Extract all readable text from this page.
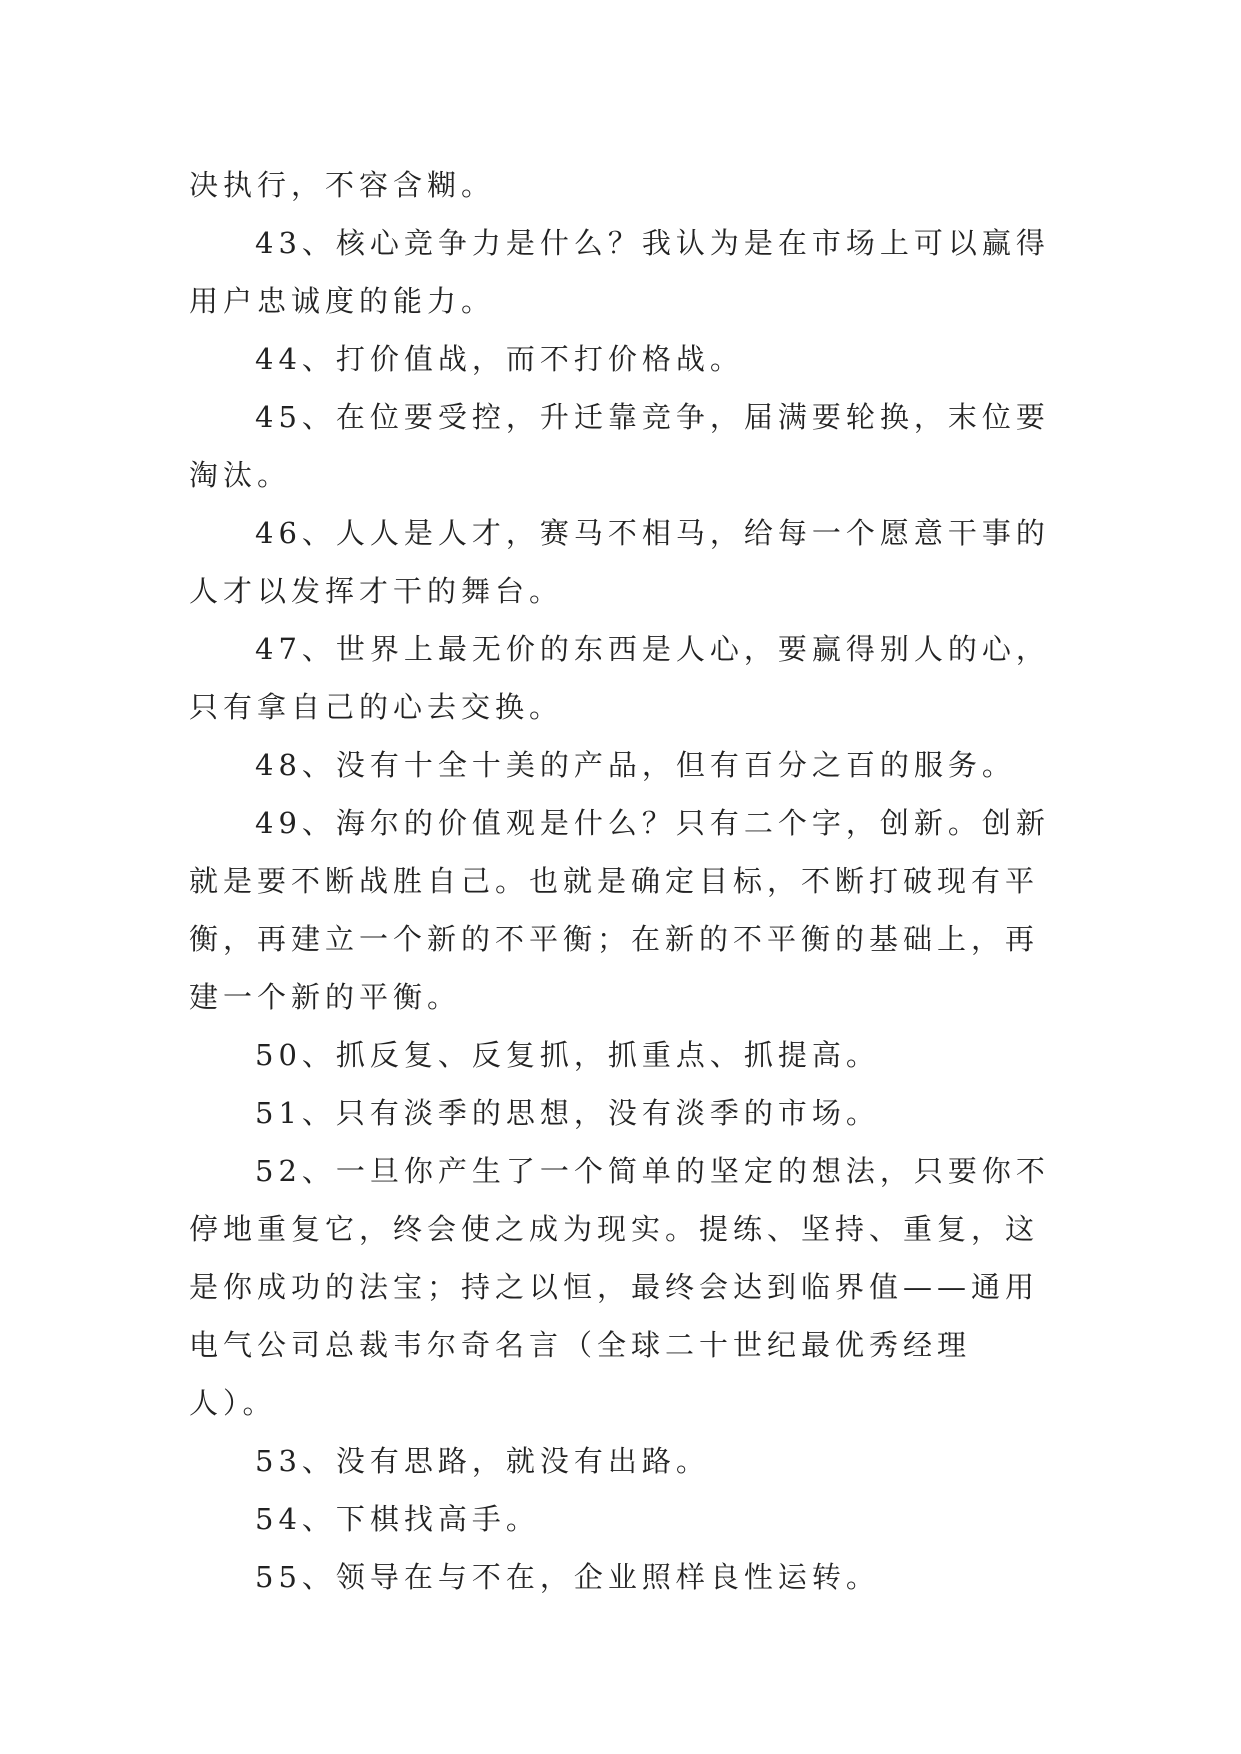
决执行，不容含糊。

43、核心竞争力是什么？我认为是在市场上可以赢得用户忠诚度的能力。

44、打价值战，而不打价格战。

45、在位要受控，升迁靠竞争，届满要轮换，末位要淘汰。

46、人人是人才，赛马不相马，给每一个愿意干事的人才以发挥才干的舞台。

47、世界上最无价的东西是人心，要赢得别人的心，只有拿自己的心去交换。

48、没有十全十美的产品，但有百分之百的服务。

49、海尔的价值观是什么？只有二个字，创新。创新就是要不断战胜自己。也就是确定目标，不断打破现有平衡，再建立一个新的不平衡；在新的不平衡的基础上，再建一个新的平衡。

50、抓反复、反复抓，抓重点、抓提高。

51、只有淡季的思想，没有淡季的市场。

52、一旦你产生了一个简单的坚定的想法，只要你不停地重复它，终会使之成为现实。提练、坚持、重复，这是你成功的法宝；持之以恒，最终会达到临界值——通用电气公司总裁韦尔奇名言（全球二十世纪最优秀经理人）。

53、没有思路，就没有出路。

54、下棋找高手。

55、领导在与不在，企业照样良性运转。
